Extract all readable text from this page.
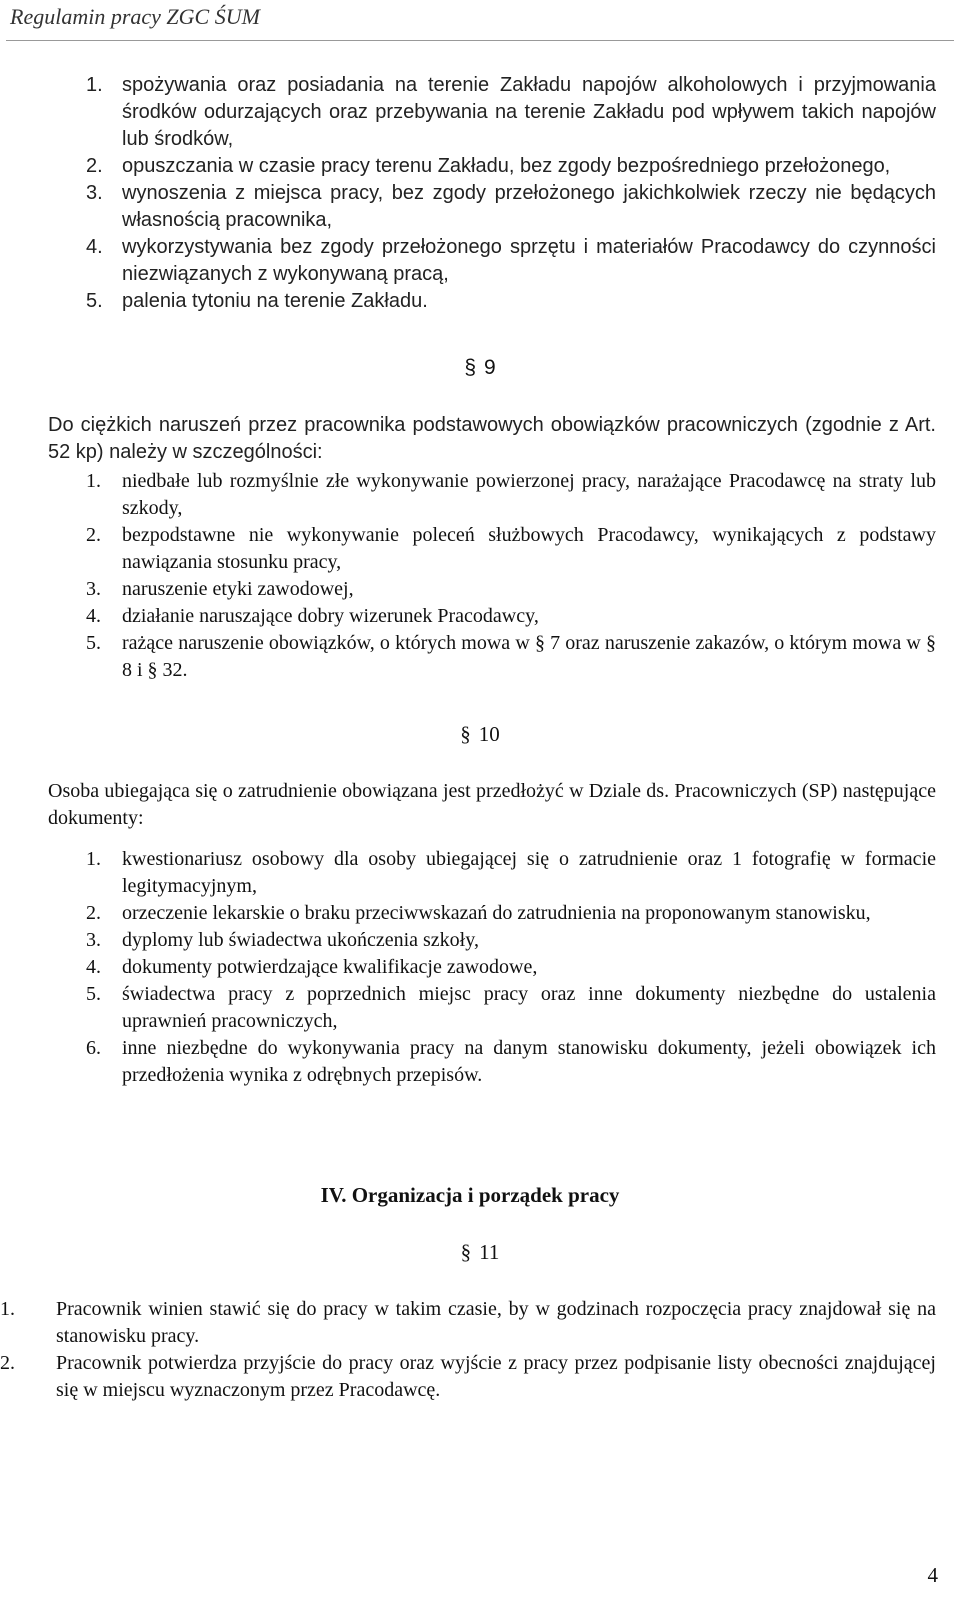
Regulamin pracy ZGC ŚUM
1. spożywania oraz posiadania na terenie Zakładu napojów alkoholowych i przyjmowania środków odurzających oraz przebywania na terenie Zakładu pod wpływem takich napojów lub środków,
2. opuszczania w czasie pracy terenu Zakładu, bez zgody bezpośredniego przełożonego,
3. wynoszenia z miejsca pracy, bez zgody przełożonego jakichkolwiek rzeczy nie będących własnością pracownika,
4. wykorzystywania bez zgody przełożonego sprzętu i materiałów Pracodawcy do czynności niezwiązanych z wykonywaną pracą,
5. palenia tytoniu na terenie Zakładu.
§ 9
Do ciężkich naruszeń przez pracownika podstawowych obowiązków pracowniczych (zgodnie z Art. 52 kp) należy w szczególności:
1. niedbałe lub rozmyślnie złe wykonywanie powierzonej pracy, narażające Pracodawcę na straty lub szkody,
2. bezpodstawne nie wykonywanie poleceń służbowych Pracodawcy, wynikających z podstawy nawiązania stosunku pracy,
3. naruszenie etyki zawodowej,
4. działanie naruszające dobry wizerunek Pracodawcy,
5. rażące naruszenie obowiązków, o których mowa w § 7 oraz naruszenie zakazów, o którym mowa w § 8 i § 32.
§ 10
Osoba ubiegająca się o zatrudnienie obowiązana jest przedłożyć w Dziale ds. Pracowniczych (SP) następujące dokumenty:
1. kwestionariusz osobowy dla osoby ubiegającej się o zatrudnienie oraz 1 fotografię w formacie legitymacyjnym,
2. orzeczenie lekarskie o braku przeciwwskazań do zatrudnienia na proponowanym stanowisku,
3. dyplomy lub świadectwa ukończenia szkoły,
4. dokumenty potwierdzające kwalifikacje zawodowe,
5. świadectwa pracy z poprzednich miejsc pracy oraz inne dokumenty niezbędne do ustalenia uprawnień pracowniczych,
6. inne niezbędne do wykonywania pracy na danym stanowisku dokumenty, jeżeli obowiązek ich przedłożenia wynika z odrębnych przepisów.
IV. Organizacja i porządek pracy
§ 11
1. Pracownik winien stawić się do pracy w takim czasie, by w godzinach rozpoczęcia pracy znajdował się na stanowisku pracy.
2. Pracownik potwierdza przyjście do pracy oraz wyjście z pracy przez podpisanie listy obecności znajdującej się w miejscu wyznaczonym przez Pracodawcę.
4
